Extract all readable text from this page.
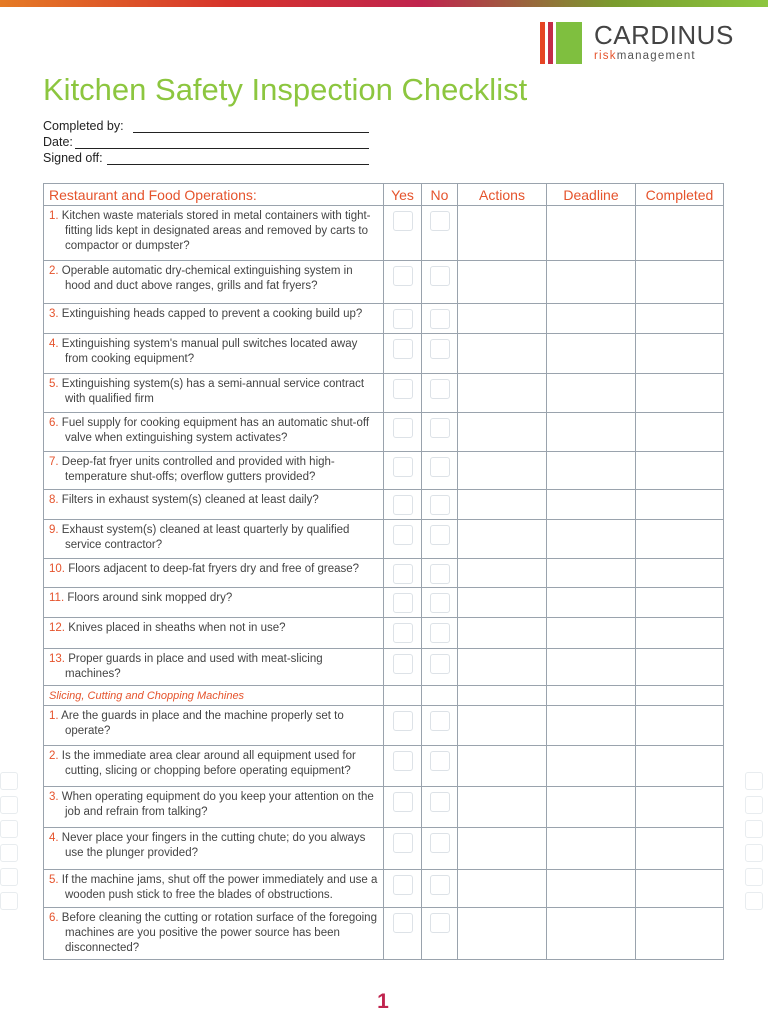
CARDINUS
riskmanagement
Kitchen Safety Inspection Checklist
Completed by:
Date:
Signed off:
Restaurant and Food Operations:	Yes	No	Actions	Deadline	Completed
1. Kitchen waste materials stored in metal containers with tight-fitting lids kept in designated areas and removed by carts to compactor or dumpster?	

2. Operable automatic dry-chemical extinguishing system in hood and duct above ranges, grills and fat fryers?	

3. Extinguishing heads capped to prevent a cooking build up?	

4. Extinguishing system's manual pull switches located away from cooking equipment?	

5. Extinguishing system(s) has a semi-annual service contract with qualified firm	

6. Fuel supply for cooking equipment has an automatic shut-off valve when extinguishing system activates?	

7. Deep-fat fryer units controlled and provided with high-temperature shut-offs; overflow gutters provided?	

8. Filters in exhaust system(s) cleaned at least daily?	

9. Exhaust system(s) cleaned at least quarterly by qualified service contractor?	

10. Floors adjacent to deep-fat fryers dry and free of grease?	

11. Floors around sink mopped dry?	

12. Knives placed in sheaths when not in use?	

13. Proper guards in place and used with meat-slicing machines?	

Slicing, Cutting and Chopping Machines					
1. Are the guards in place and the machine properly set to operate?	

2. Is the immediate area clear around all equipment used for cutting, slicing or chopping before operating equipment?	

3. When operating equipment do you keep your attention on the job and refrain from talking?	

4. Never place your fingers in the cutting chute; do you always use the plunger provided?	

5. If the machine jams, shut off the power immediately and use a wooden push stick to free the blades of obstructions.	

6. Before cleaning the cutting or rotation surface of the foregoing machines are you positive the power source has been disconnected?	

1
